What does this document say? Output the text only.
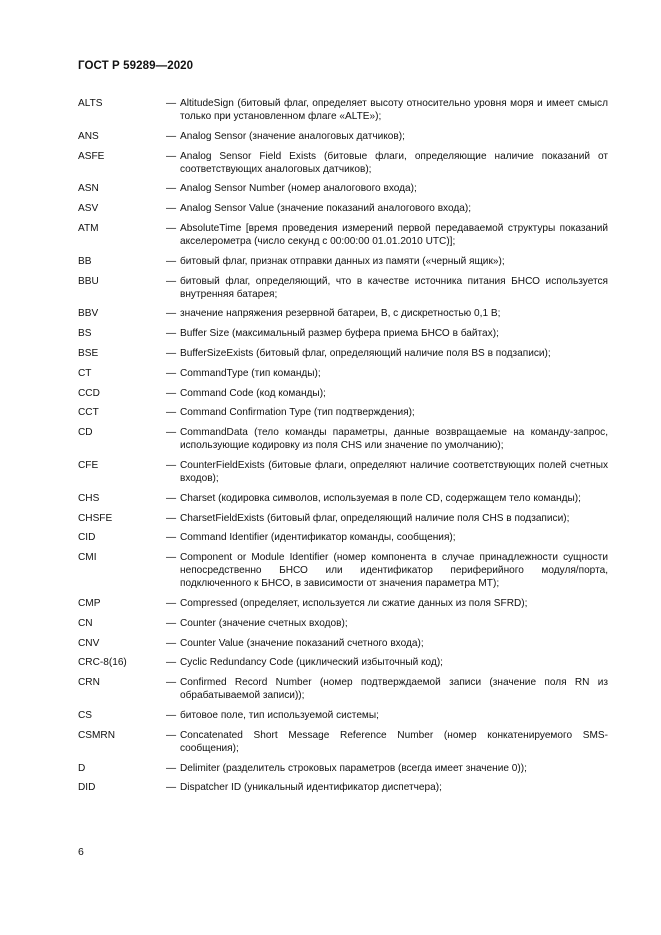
ГОСТ Р 59289—2020
ALTS	— AltitudeSign (битовый флаг, определяет высоту относительно уровня моря и имеет смысл только при установленном флаге «ALTE»);
ANS	— Analog Sensor (значение аналоговых датчиков);
ASFE	— Analog Sensor Field Exists (битовые флаги, определяющие наличие показаний от соответствующих аналоговых датчиков);
ASN	— Analog Sensor Number (номер аналогового входа);
ASV	— Analog Sensor Value (значение показаний аналогового входа);
ATM	— AbsoluteTime [время проведения измерений первой передаваемой структуры показаний акселерометра (число секунд с 00:00:00 01.01.2010 UTC)];
BB	— битовый флаг, признак отправки данных из памяти («черный ящик»);
BBU	— битовый флаг, определяющий, что в качестве источника питания БНСО используется внутренняя батарея;
BBV	— значение напряжения резервной батареи, В, с дискретностью 0,1 В;
BS	— Buffer Size (максимальный размер буфера приема БНСО в байтах);
BSE	— BufferSizeExists (битовый флаг, определяющий наличие поля BS в подзаписи);
CT	— CommandType (тип команды);
CCD	— Command Code (код команды);
CCT	— Command Confirmation Type (тип подтверждения);
CD	— CommandData (тело команды параметры, данные возвращаемые на команду-запрос, использующие кодировку из поля CHS или значение по умолчанию);
CFE	— CounterFieldExists (битовые флаги, определяют наличие соответствующих полей счетных входов);
CHS	— Charset (кодировка символов, используемая в поле CD, содержащем тело команды);
CHSFE	— CharsetFieldExists (битовый флаг, определяющий наличие поля CHS в подзаписи);
CID	— Command Identifier (идентификатор команды, сообщения);
CMI	— Component or Module Identifier (номер компонента в случае принадлежности сущности непосредственно БНСО или идентификатор периферийного модуля/порта, подключенного к БНСО, в зависимости от значения параметра MT);
CMP	— Compressed (определяет, используется ли сжатие данных из поля SFRD);
CN	— Counter (значение счетных входов);
CNV	— Counter Value (значение показаний счетного входа);
CRC-8(16)	— Cyclic Redundancy Code (циклический избыточный код);
CRN	— Confirmed Record Number (номер подтверждаемой записи (значение поля RN из обрабатываемой записи));
CS	— битовое поле, тип используемой системы;
CSMRN	— Concatenated Short Message Reference Number (номер конкатенируемого SMS-сообщения);
D	— Delimiter (разделитель строковых параметров (всегда имеет значение 0));
DID	— Dispatcher ID (уникальный идентификатор диспетчера);
6
